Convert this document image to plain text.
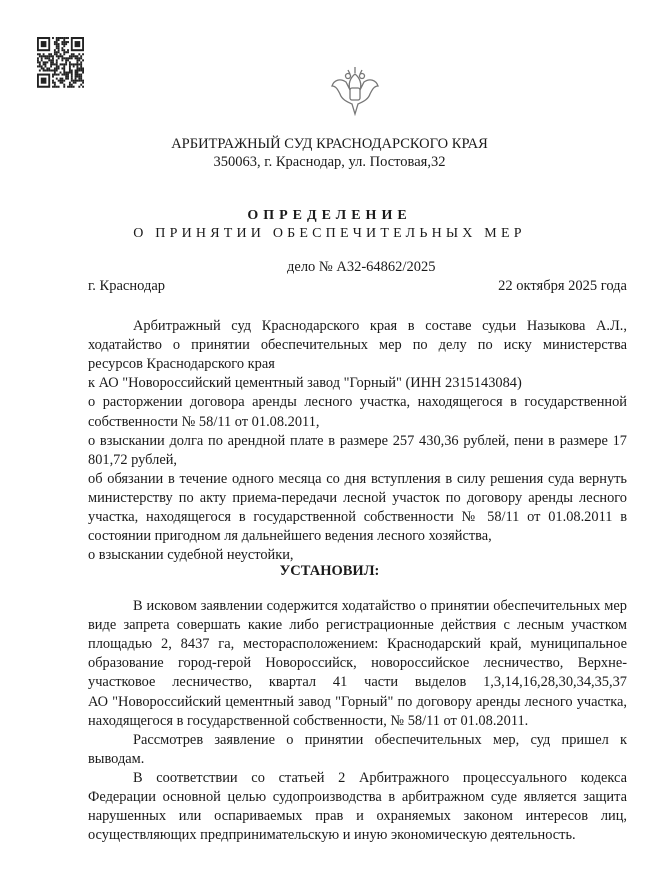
АРБИТРАЖНЫЙ СУД КРАСНОДАРСКОГО КРАЯ
350063, г. Краснодар, ул. Постовая,32
ОПРЕДЕЛЕНИЕ
О ПРИНЯТИИ ОБЕСПЕЧИТЕЛЬНЫХ МЕР
дело № А32-64862/2025
г. Краснодар	22 октября 2025 года
Арбитражный суд Краснодарского края в составе судьи Назыкова А.Л.,
ходатайство о принятии обеспечительных мер по делу по иску министерства
ресурсов Краснодарского края
к АО "Новороссийский цементный завод "Горный" (ИНН 2315143084)
о расторжении договора аренды лесного участка, находящегося в государственной
собственности № 58/11 от 01.08.2011,
о взыскании долга по арендной плате в размере 257 430,36 рублей, пени в размере 17
801,72 рублей,
об обязании в течение одного месяца со дня вступления в силу решения суда вернуть
министерству по акту приема-передачи лесной участок по договору аренды лесного
участка, находящегося в государственной собственности № 58/11 от 01.08.2011 в
состоянии пригодном ля дальнейшего ведения лесного хозяйства,
о взыскании судебной неустойки,
УСТАНОВИЛ:
В исковом заявлении содержится ходатайство о принятии обеспечительных мер
виде запрета совершать какие либо регистрационные действия с лесным участком
площадью 2, 8437 га, месторасположением: Краснодарский край, муниципальное
образование город-герой Новороссийск, новороссийское лесничество, Верхне-
участковое лесничество, квартал 41 части выделов 1,3,14,16,28,30,34,35,37
АО "Новороссийский цементный завод "Горный" по договору аренды лесного участка,
находящегося в государственной собственности, № 58/11 от 01.08.2011.
Рассмотрев заявление о принятии обеспечительных мер, суд пришел к
выводам.
В соответствии со статьей 2 Арбитражного процессуального кодекса
Федерации основной целью судопроизводства в арбитражном суде является защита
нарушенных или оспариваемых прав и охраняемых законом интересов лиц,
осуществляющих предпринимательскую и иную экономическую деятельность.
